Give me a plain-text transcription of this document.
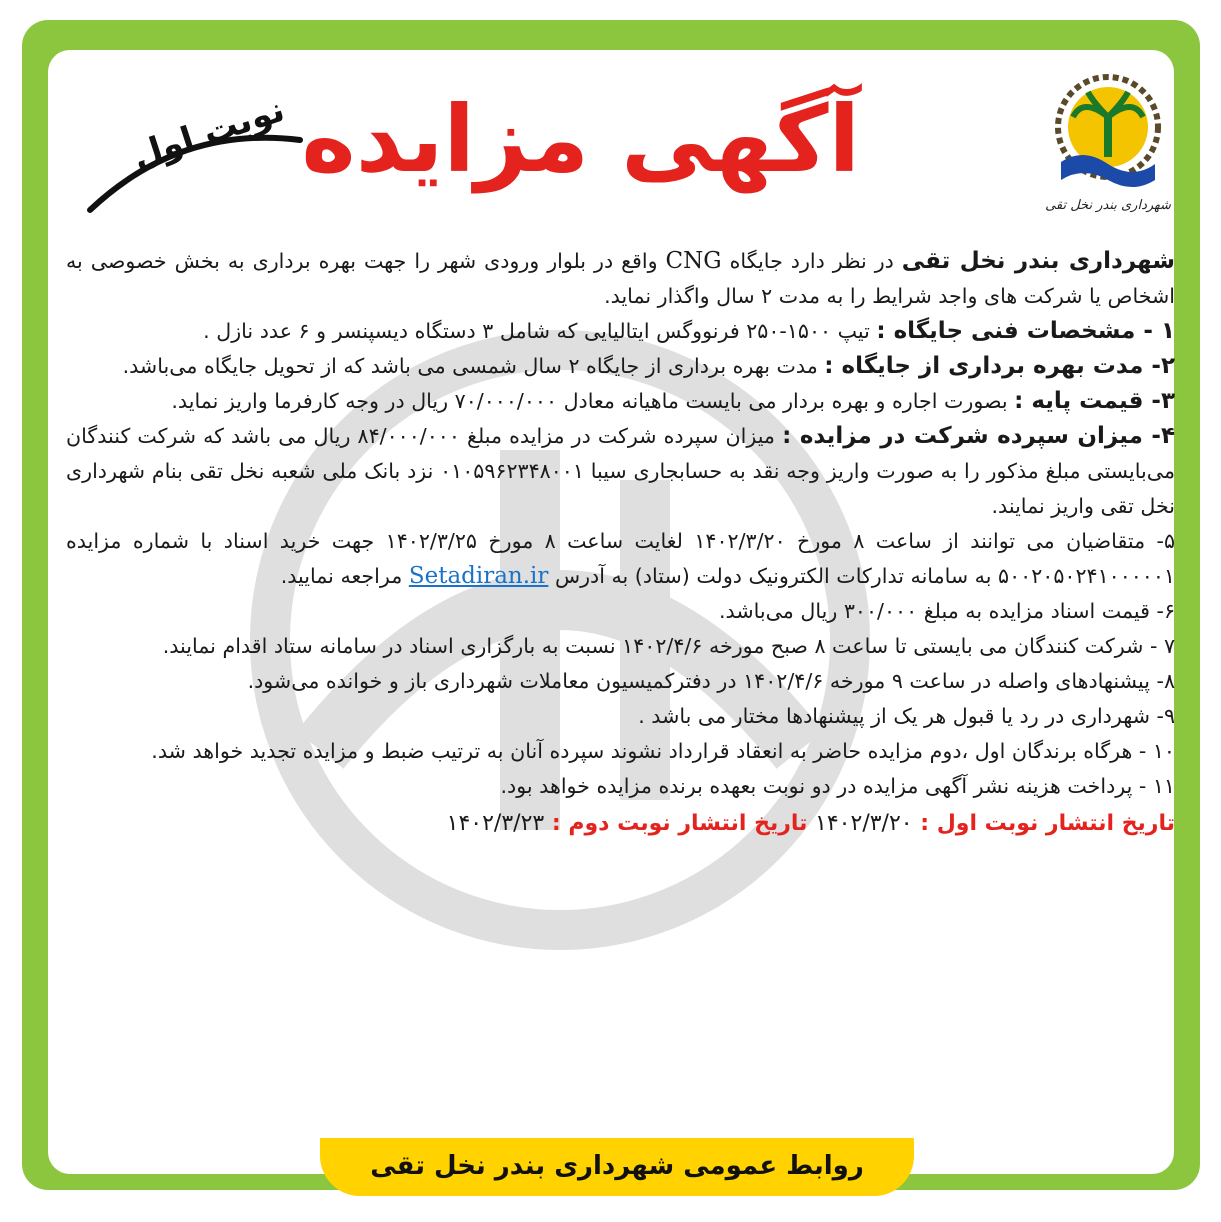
شهرداری بندر نخل تقی
آگهی مزایده
نوبت اول

شهرداری بندر نخل تقی در نظر دارد جایگاه CNG واقع در بلوار ورودی شهر را جهت بهره برداری به بخش خصوصی به اشخاص یا شرکت های واجد شرایط را به مدت ۲ سال واگذار نماید.

۱ - مشخصات فنی جایگاه : تیپ ۱۵۰۰-۲۵۰ فرنووگس ایتالیایی که شامل ۳ دستگاه دیسپنسر و ۶ عدد نازل .

۲- مدت بهره برداری از جایگاه : مدت بهره برداری از جایگاه ۲ سال شمسی می باشد که از تحویل جایگاه می‌باشد.

۳- قیمت پایه : بصورت اجاره و بهره بردار می بایست ماهیانه معادل ۷۰/۰۰۰/۰۰۰ ریال در وجه کارفرما واریز نماید.

۴- میزان سپرده شرکت در مزایده : میزان سپرده شرکت در مزایده مبلغ ۸۴/۰۰۰/۰۰۰ ریال می باشد که شرکت کنندگان می‌بایستی مبلغ مذکور را به صورت واریز وجه نقد به حسابجاری سیبا ۰۱۰۵۹۶۲۳۴۸۰۰۱ نزد بانک ملی شعبه نخل تقی بنام شهرداری نخل تقی واریز نمایند.

۵- متقاضیان می توانند از ساعت ۸ مورخ ۱۴۰۲/۳/۲۰ لغایت ساعت ۸ مورخ ۱۴۰۲/۳/۲۵ جهت خرید اسناد با شماره مزایده ۵۰۰۲۰۵۰۲۴۱۰۰۰۰۰۱ به سامانه تدارکات الکترونیک دولت (ستاد) به آدرس Setadiran.ir مراجعه نمایید.

۶- قیمت اسناد مزایده به مبلغ ۳۰۰/۰۰۰ ریال می‌باشد.

۷ - شرکت کنندگان می بایستی تا ساعت ۸ صبح مورخه ۱۴۰۲/۴/۶ نسبت به بارگزاری اسناد در سامانه ستاد اقدام نمایند.

۸- پیشنهادهای واصله در ساعت ۹ مورخه ۱۴۰۲/۴/۶ در دفترکمیسیون معاملات شهرداری باز و خوانده می‌شود.

۹- شهرداری در رد یا قبول هر یک از پیشنهادها مختار می باشد .

۱۰ - هرگاه برندگان اول ،دوم مزایده حاضر به انعقاد قرارداد نشوند سپرده آنان به ترتیب ضبط و مزایده تجدید خواهد شد.

۱۱ - پرداخت هزینه نشر آگهی مزایده در دو نوبت بعهده برنده مزایده خواهد بود.

تاریخ انتشار نوبت اول : ۱۴۰۲/۳/۲۰ تاریخ انتشار نوبت دوم : ۱۴۰۲/۳/۲۳
روابط عمومی شهرداری بندر نخل تقی
